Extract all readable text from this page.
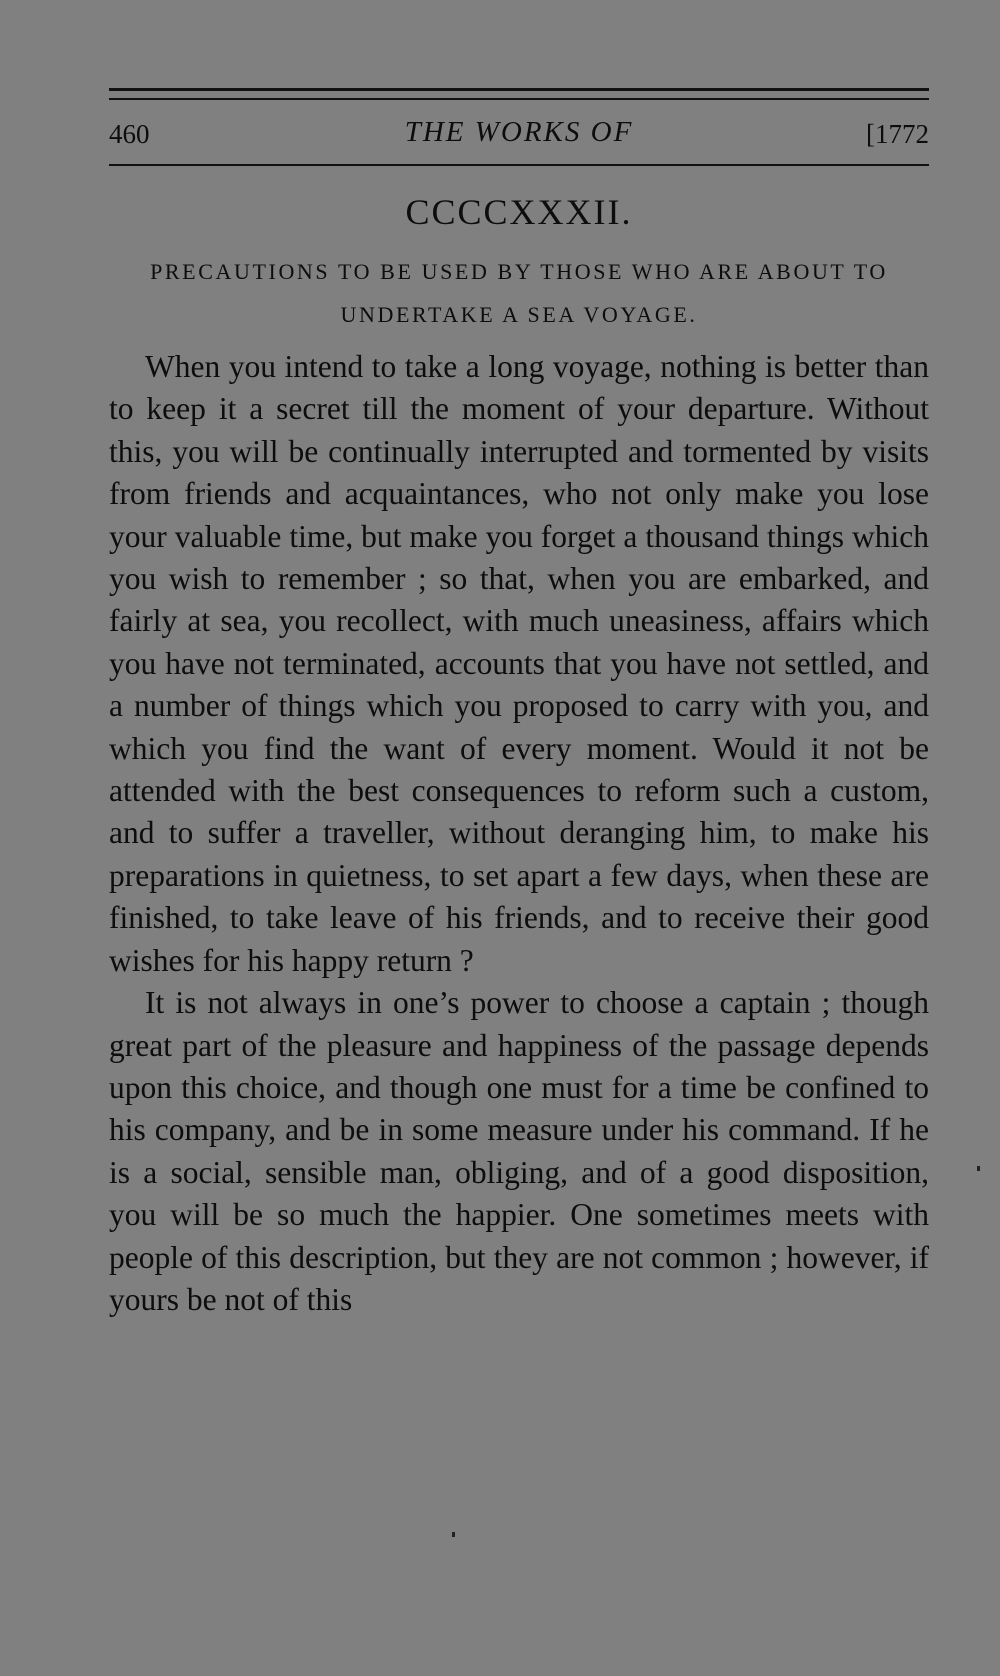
460	THE WORKS OF	[1772
CCCCXXXII.
PRECAUTIONS TO BE USED BY THOSE WHO ARE ABOUT TO UNDERTAKE A SEA VOYAGE.

When you intend to take a long voyage, nothing is better than to keep it a secret till the moment of your departure. Without this, you will be continually interrupted and tormented by visits from friends and acquaintances, who not only make you lose your valuable time, but make you forget a thousand things which you wish to remember ; so that, when you are embarked, and fairly at sea, you recollect, with much uneasiness, affairs which you have not terminated, accounts that you have not settled, and a number of things which you proposed to carry with you, and which you find the want of every moment. Would it not be attended with the best consequences to reform such a custom, and to suffer a traveller, without deranging him, to make his preparations in quietness, to set apart a few days, when these are finished, to take leave of his friends, and to receive their good wishes for his happy return ?

It is not always in one’s power to choose a captain ; though great part of the pleasure and happiness of the passage depends upon this choice, and though one must for a time be confined to his company, and be in some measure under his command. If he is a social, sensible man, obliging, and of a good disposition, you will be so much the happier. One sometimes meets with people of this description, but they are not common ; however, if yours be not of this
